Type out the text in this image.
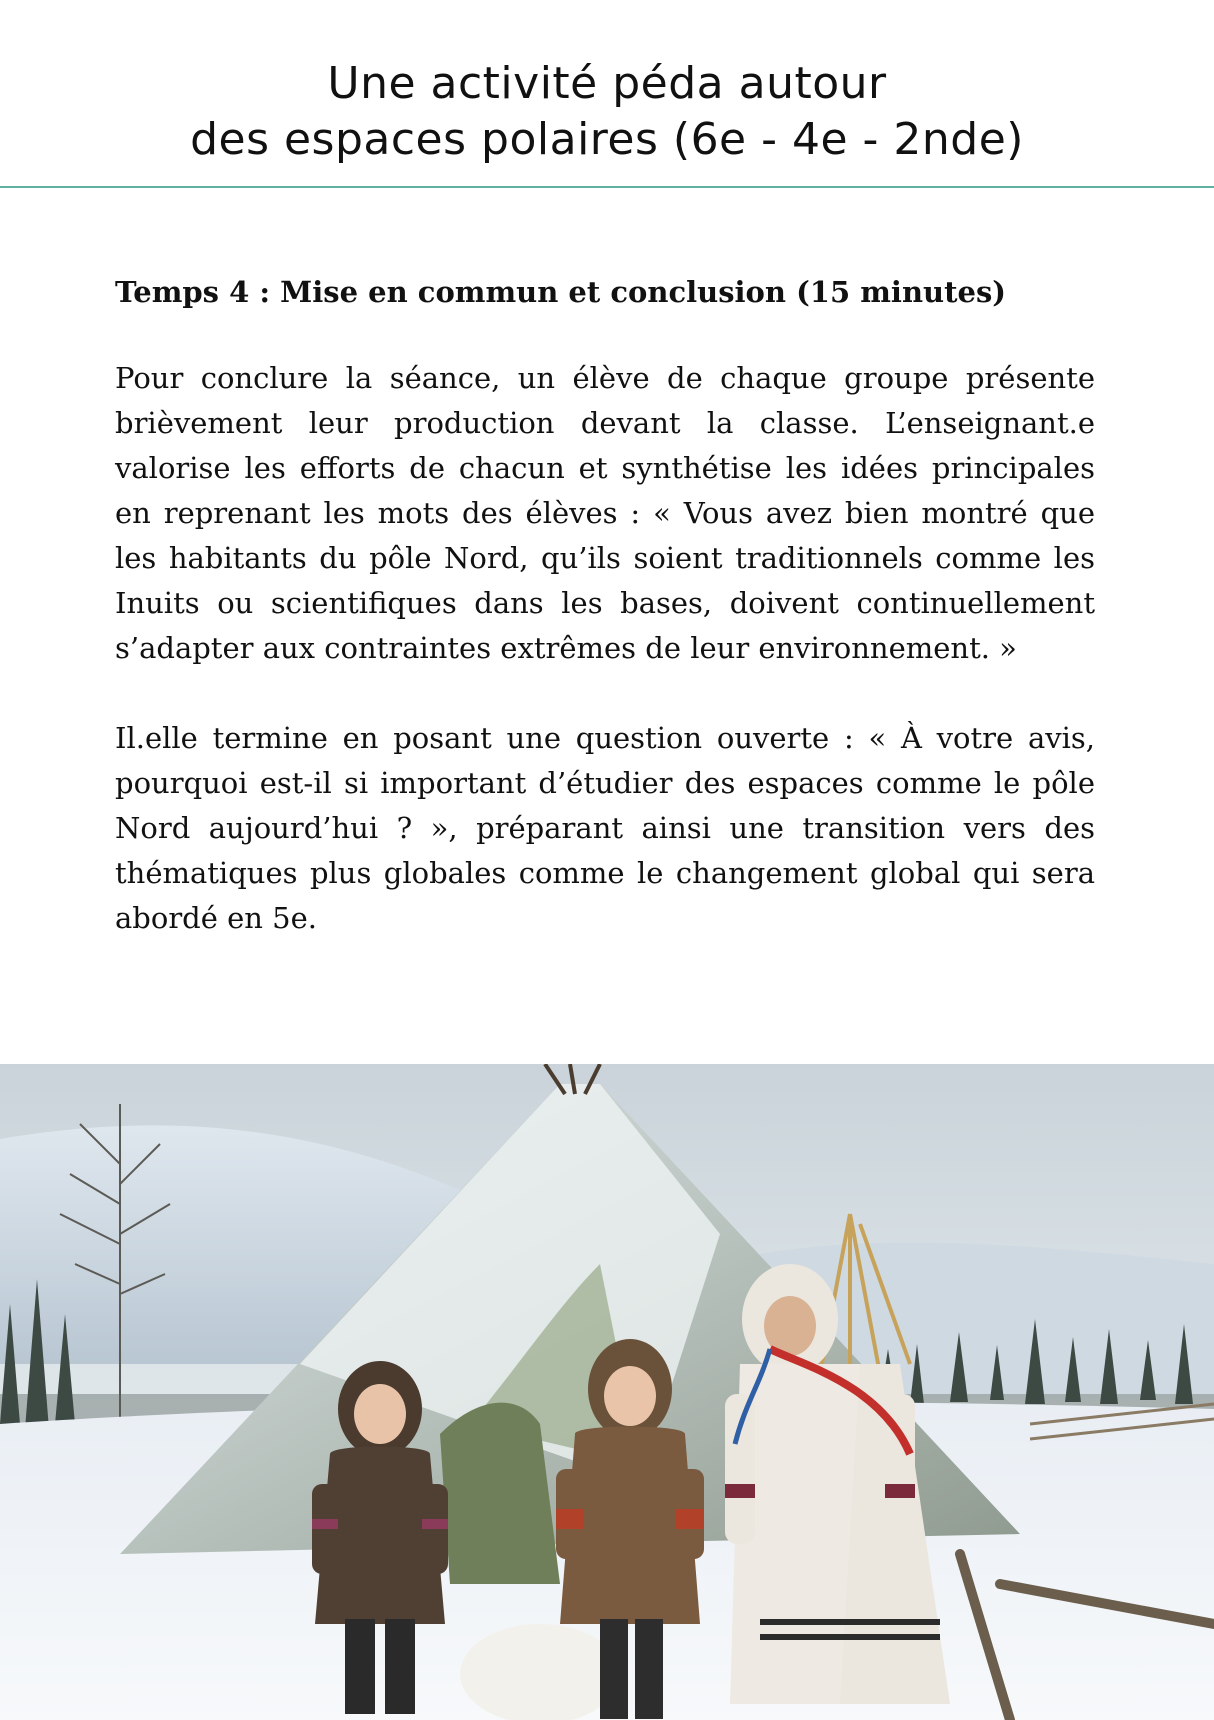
Une activité péda autour
des espaces polaires (6e - 4e - 2nde)
Temps 4 : Mise en commun et conclusion (15 minutes)

Pour conclure la séance, un élève de chaque groupe présente brièvement leur production devant la classe. L’enseignant.e valorise les efforts de chacun et synthétise les idées principales en reprenant les mots des élèves : « Vous avez bien montré que les habitants du pôle Nord, qu’ils soient traditionnels comme les Inuits ou scientifiques dans les bases, doivent continuellement s’adapter aux contraintes extrêmes de leur environnement. »

Il.elle termine en posant une question ouverte : « À votre avis, pourquoi est-il si important d’étudier des espaces comme le pôle Nord aujourd’hui ? », préparant ainsi une transition vers des thématiques plus globales comme le changement global qui sera abordé en 5e.
